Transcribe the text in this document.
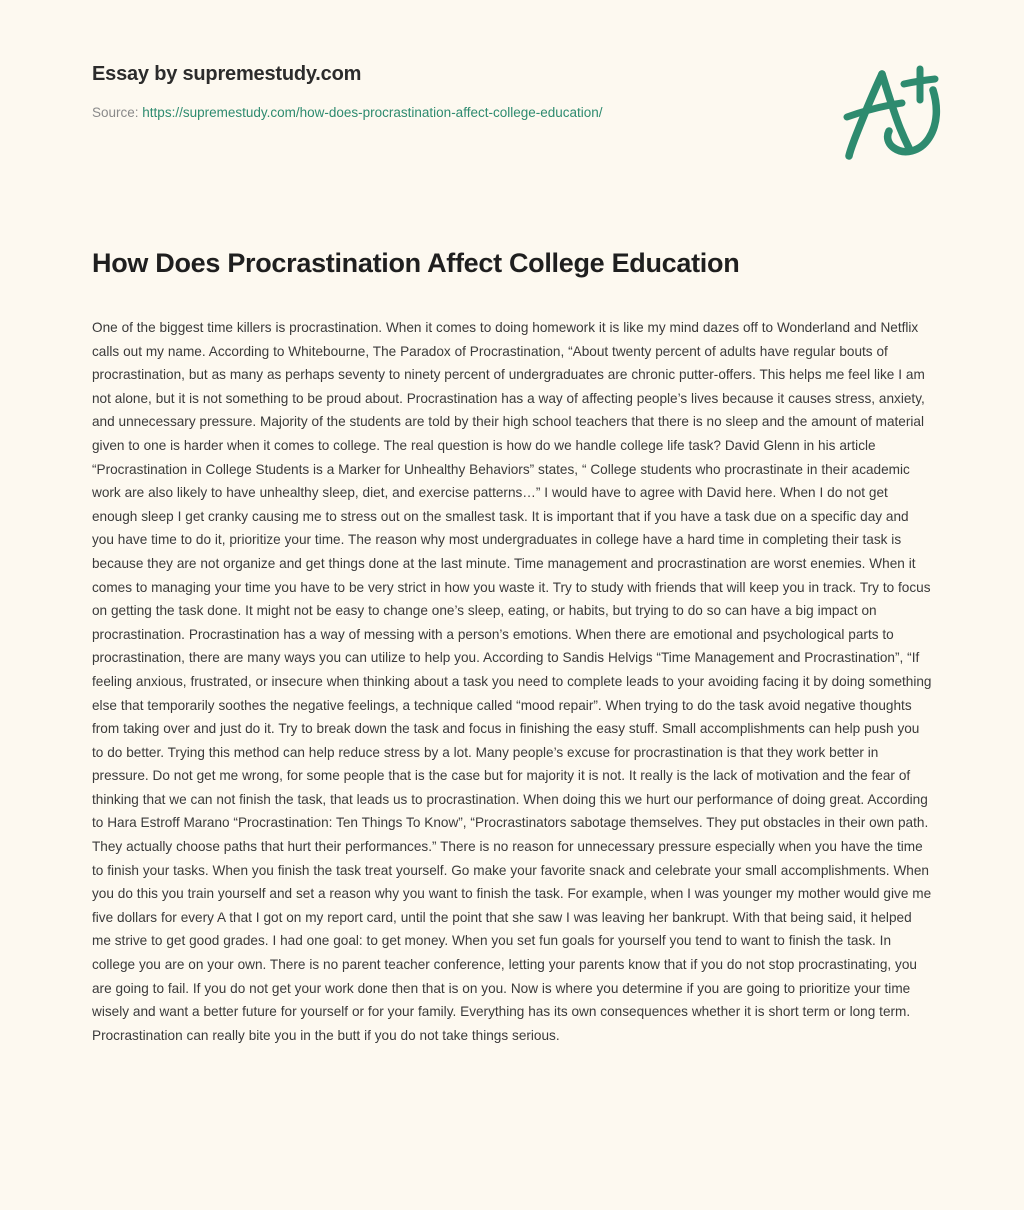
Essay by supremestudy.com
Source: https://supremestudy.com/how-does-procrastination-affect-college-education/
How Does Procrastination Affect College Education

One of the biggest time killers is procrastination. When it comes to doing homework it is like my mind dazes off to Wonderland and Netflix calls out my name. According to Whitebourne, The Paradox of Procrastination, “About twenty percent of adults have regular bouts of procrastination, but as many as perhaps seventy to ninety percent of undergraduates are chronic putter-offers. This helps me feel like I am not alone, but it is not something to be proud about. Procrastination has a way of affecting people’s lives because it causes stress, anxiety, and unnecessary pressure. Majority of the students are told by their high school teachers that there is no sleep and the amount of material given to one is harder when it comes to college. The real question is how do we handle college life task? David Glenn in his article “Procrastination in College Students is a Marker for Unhealthy Behaviors” states, “ College students who procrastinate in their academic work are also likely to have unhealthy sleep, diet, and exercise patterns…” I would have to agree with David here. When I do not get enough sleep I get cranky causing me to stress out on the smallest task. It is important that if you have a task due on a specific day and you have time to do it, prioritize your time. The reason why most undergraduates in college have a hard time in completing their task is because they are not organize and get things done at the last minute. Time management and procrastination are worst enemies. When it comes to managing your time you have to be very strict in how you waste it. Try to study with friends that will keep you in track. Try to focus on getting the task done. It might not be easy to change one’s sleep, eating, or habits, but trying to do so can have a big impact on procrastination. Procrastination has a way of messing with a person’s emotions. When there are emotional and psychological parts to procrastination, there are many ways you can utilize to help you. According to Sandis Helvigs “Time Management and Procrastination”, “If feeling anxious, frustrated, or insecure when thinking about a task you need to complete leads to your avoiding facing it by doing something else that temporarily soothes the negative feelings, a technique called “mood repair”. When trying to do the task avoid negative thoughts from taking over and just do it. Try to break down the task and focus in finishing the easy stuff. Small accomplishments can help push you to do better. Trying this method can help reduce stress by a lot. Many people’s excuse for procrastination is that they work better in pressure. Do not get me wrong, for some people that is the case but for majority it is not. It really is the lack of motivation and the fear of thinking that we can not finish the task, that leads us to procrastination. When doing this we hurt our performance of doing great. According to Hara Estroff Marano “Procrastination: Ten Things To Know”, “Procrastinators sabotage themselves. They put obstacles in their own path. They actually choose paths that hurt their performances.” There is no reason for unnecessary pressure especially when you have the time to finish your tasks. When you finish the task treat yourself. Go make your favorite snack and celebrate your small accomplishments. When you do this you train yourself and set a reason why you want to finish the task. For example, when I was younger my mother would give me five dollars for every A that I got on my report card, until the point that she saw I was leaving her bankrupt. With that being said, it helped me strive to get good grades. I had one goal: to get money. When you set fun goals for yourself you tend to want to finish the task. In college you are on your own. There is no parent teacher conference, letting your parents know that if you do not stop procrastinating, you are going to fail. If you do not get your work done then that is on you. Now is where you determine if you are going to prioritize your time wisely and want a better future for yourself or for your family. Everything has its own consequences whether it is short term or long term. Procrastination can really bite you in the butt if you do not take things serious.
